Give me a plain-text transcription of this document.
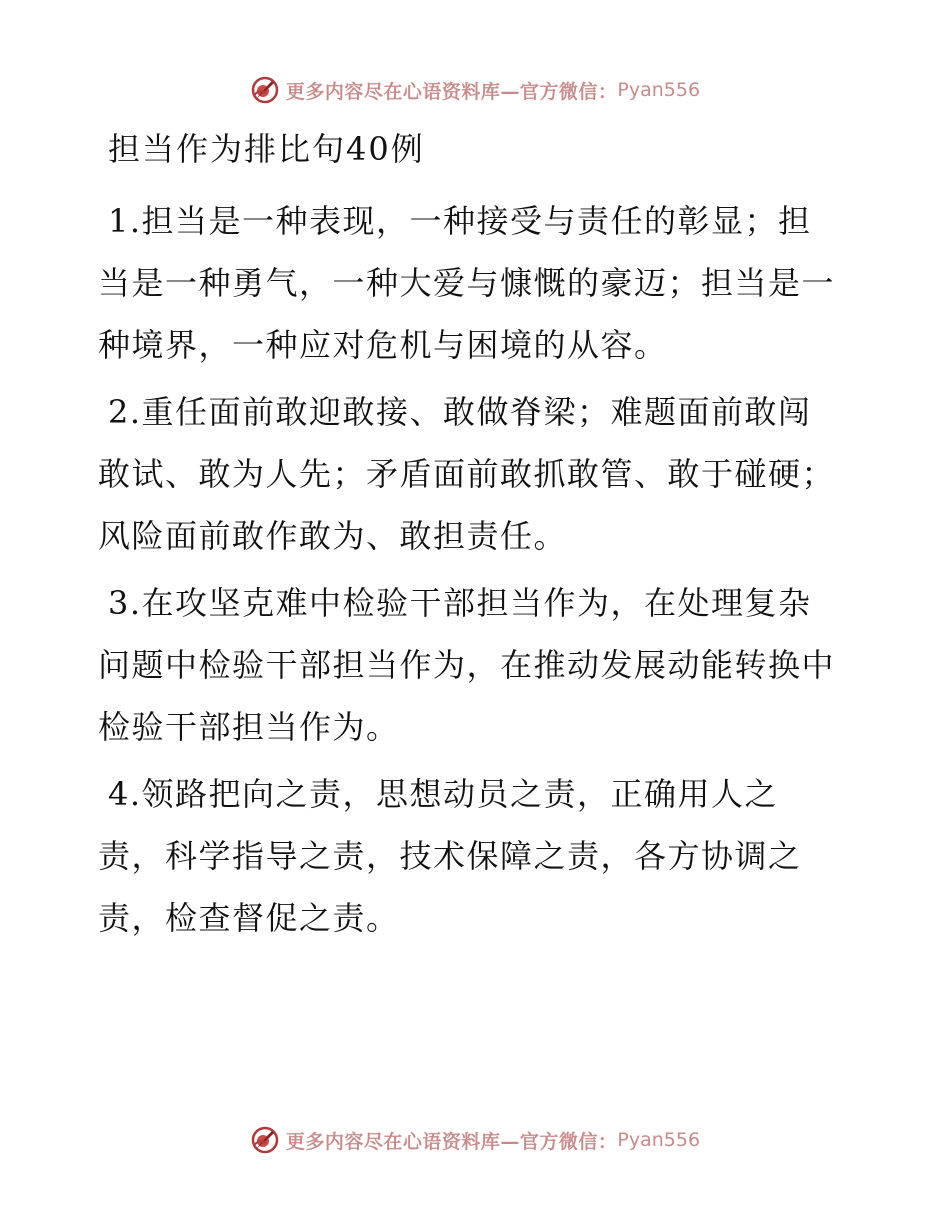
更多内容尽在心语资料库—官方微信： Pyan556
担当作为排比句40例
1.担当是一种表现，一种接受与责任的彰显；担
当是一种勇气，一种大爱与慷慨的豪迈；担当是一
种境界，一种应对危机与困境的从容。
2.重任面前敢迎敢接、敢做脊梁；难题面前敢闯
敢试、敢为人先；矛盾面前敢抓敢管、敢于碰硬；
风险面前敢作敢为、敢担责任。
3.在攻坚克难中检验干部担当作为，在处理复杂
问题中检验干部担当作为，在推动发展动能转换中
检验干部担当作为。
4.领路把向之责，思想动员之责，正确用人之
责，科学指导之责，技术保障之责，各方协调之
责，检查督促之责。
更多内容尽在心语资料库—官方微信： Pyan556
